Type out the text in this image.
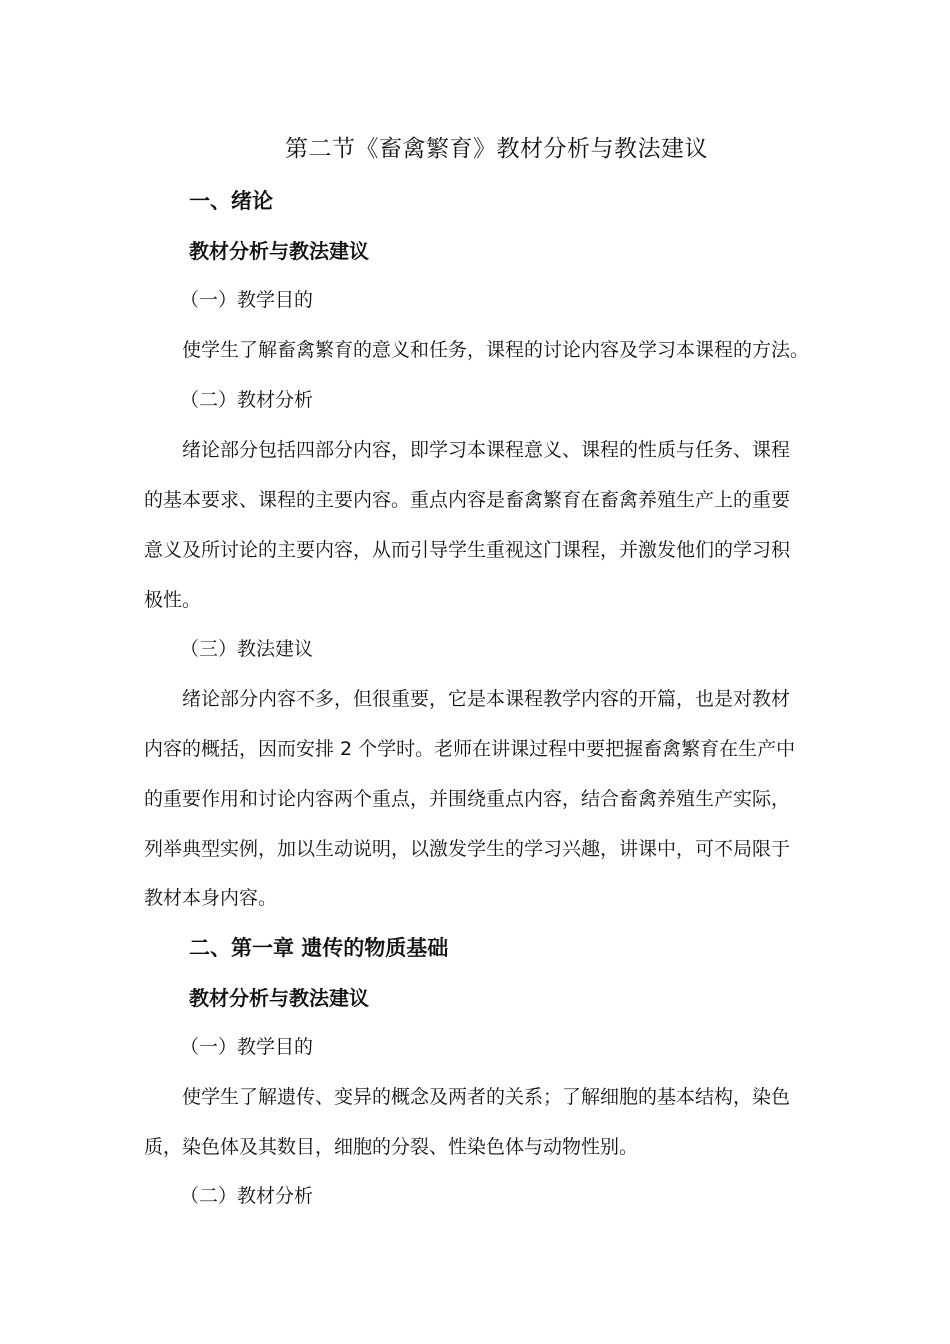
第二节《畜禽繁育》教材分析与教法建议
一、绪论
教材分析与教法建议

（一）教学目的

使学生了解畜禽繁育的意义和任务，课程的讨论内容及学习本课程的方法。

（二）教材分析

绪论部分包括四部分内容，即学习本课程意义、课程的性质与任务、课程

的基本要求、课程的主要内容。重点内容是畜禽繁育在畜禽养殖生产上的重要

意义及所讨论的主要内容，从而引导学生重视这门课程，并激发他们的学习积

极性。

（三）教法建议

绪论部分内容不多，但很重要，它是本课程教学内容的开篇，也是对教材

内容的概括，因而安排 2 个学时。老师在讲课过程中要把握畜禽繁育在生产中

的重要作用和讨论内容两个重点，并围绕重点内容，结合畜禽养殖生产实际，

列举典型实例，加以生动说明，以激发学生的学习兴趣，讲课中，可不局限于

教材本身内容。

二、第一章 遗传的物质基础
教材分析与教法建议

（一）教学目的

使学生了解遗传、变异的概念及两者的关系；了解细胞的基本结构，染色

质，染色体及其数目，细胞的分裂、性染色体与动物性别。

（二）教材分析
